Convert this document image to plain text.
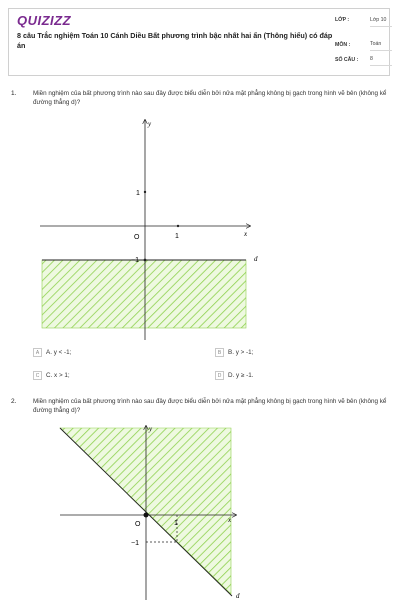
QUIZIZZ
8 câu Trắc nghiệm Toán 10 Cánh Diều Bất phương trình bậc nhất hai ẩn (Thông hiểu) có đáp án
LỚP :	Lớp 10
MÔN :	Toán
SỐ CÂU : 8
1.	Miền nghiệm của bất phương trình nào sau đây được biểu diễn bởi nửa mặt phẳng không bị gạch trong hình vẽ bên (không kể đường thẳng d)?
x
y
O	1
1
−1	d
A	A. y < -1;	B	B. y > -1;
C	C. x > 1;	D	D. y ≥ -1.
2.	Miền nghiệm của bất phương trình nào sau đây được biểu diễn bởi nửa mặt phẳng không bị gạch trong hình vẽ bên (không kể đường thẳng d)?
x
y
O	1
−1
d
